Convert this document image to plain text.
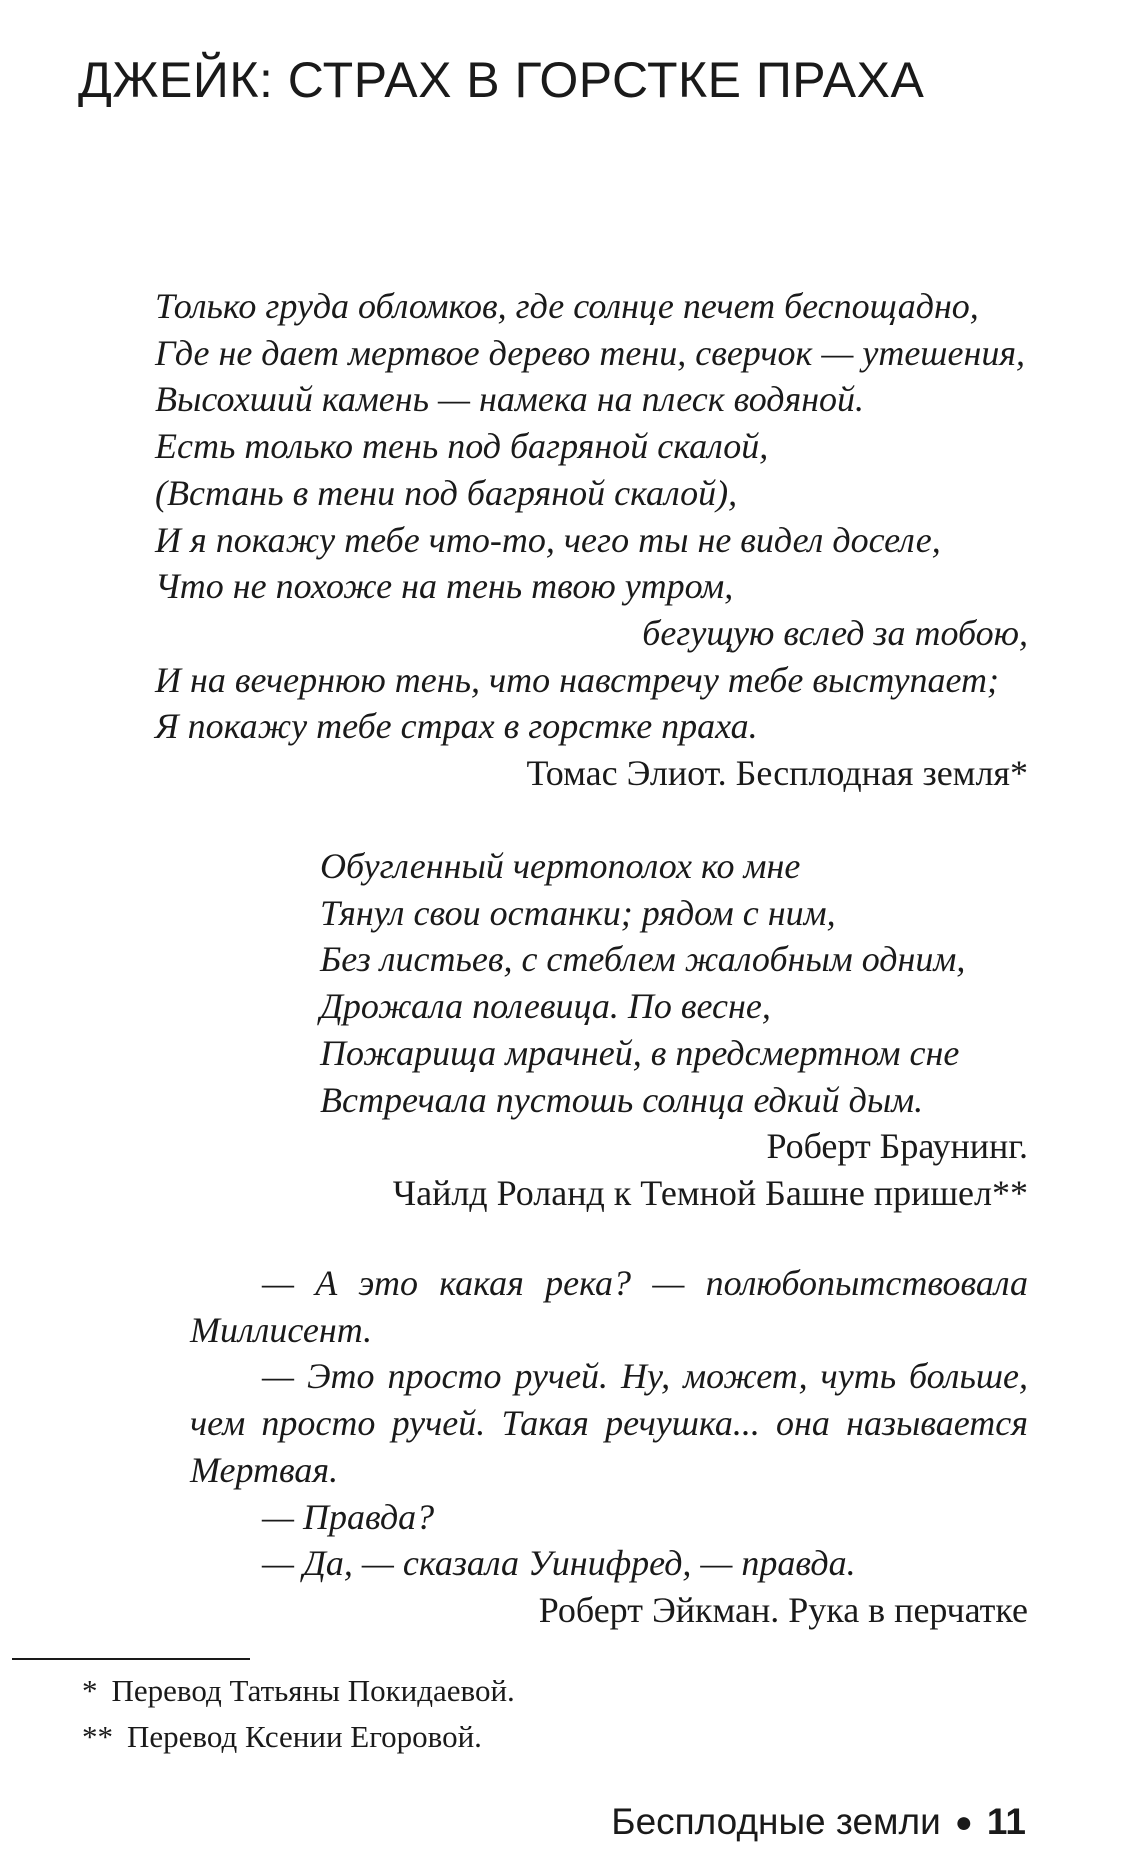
ДЖЕЙК: СТРАХ В ГОРСТКЕ ПРАХА
Только груда обломков, где солнце печет беспощадно,
Где не дает мертвое дерево тени, сверчок — утешения,
Высохший камень — намека на плеск водяной.
Есть только тень под багряной скалой,
(Встань в тени под багряной скалой),
И я покажу тебе что-то, чего ты не видел доселе,
Что не похоже на тень твою утром,
бегущую вслед за тобою,
И на вечернюю тень, что навстречу тебе выступает;
Я покажу тебе страх в горстке праха.
Томас Элиот. Бесплодная земля*
Обугленный чертополох ко мне
Тянул свои останки; рядом с ним,
Без листьев, с стеблем жалобным одним,
Дрожала полевица. По весне,
Пожарища мрачней, в предсмертном сне
Встречала пустошь солнца едкий дым.
Роберт Браунинг.
Чайлд Роланд к Темной Башне пришел**

— А это какая река? — полюбопытствовала Миллисент.

— Это просто ручей. Ну, может, чуть больше, чем просто ручей. Такая речушка... она называется Мертвая.

— Правда?

— Да, — сказала Уинифред, — правда.

Роберт Эйкман. Рука в перчатке
* Перевод Татьяны Покидаевой.
** Перевод Ксении Егоровой.
Бесплодные земли ● 11
